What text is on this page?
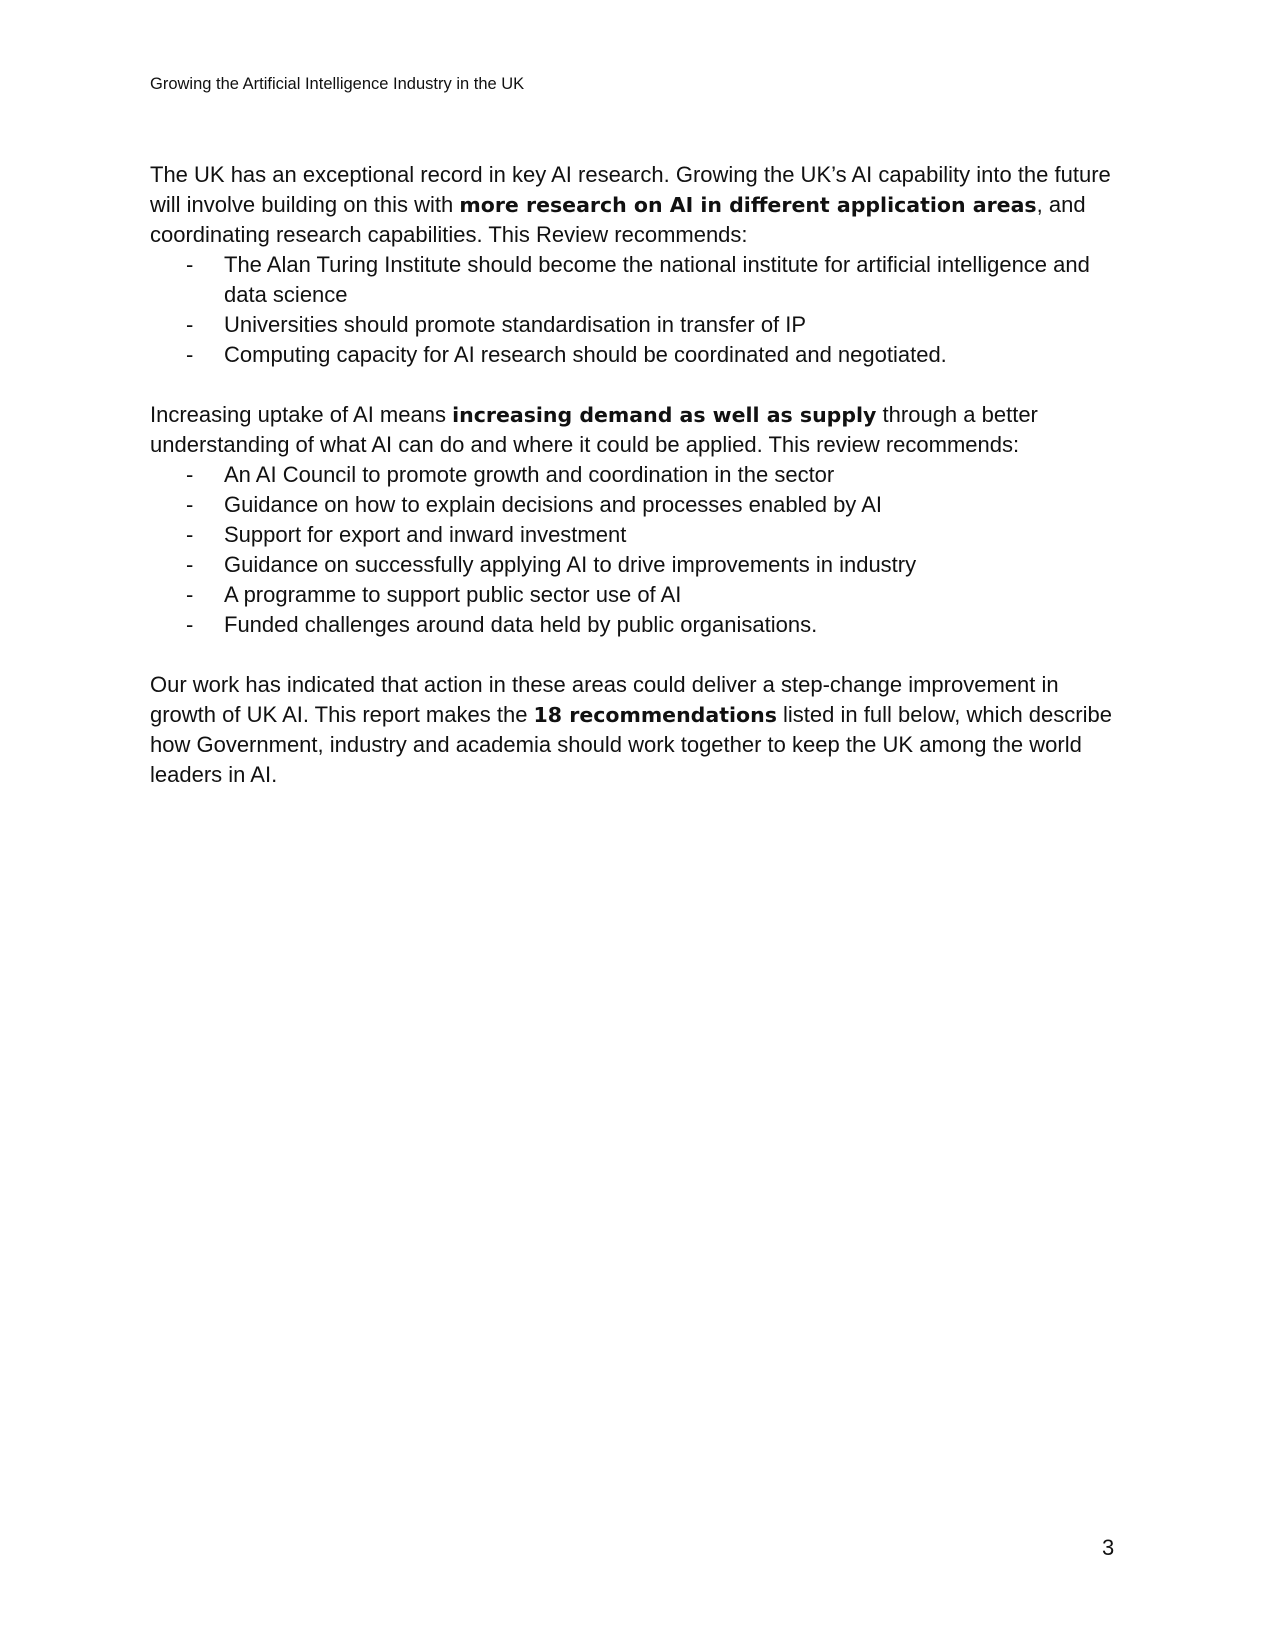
Growing the Artificial Intelligence Industry in the UK

The UK has an exceptional record in key AI research. Growing the UK’s AI capability into the future will involve building on this with more research on AI in different application areas, and coordinating research capabilities. This Review recommends:

- The Alan Turing Institute should become the national institute for artificial intelligence and data science
- Universities should promote standardisation in transfer of IP
- Computing capacity for AI research should be coordinated and negotiated.

Increasing uptake of AI means increasing demand as well as supply through a better understanding of what AI can do and where it could be applied. This review recommends:

- An AI Council to promote growth and coordination in the sector
- Guidance on how to explain decisions and processes enabled by AI
- Support for export and inward investment
- Guidance on successfully applying AI to drive improvements in industry
- A programme to support public sector use of AI
- Funded challenges around data held by public organisations.

Our work has indicated that action in these areas could deliver a step-change improvement in growth of UK AI. This report makes the 18 recommendations listed in full below, which describe how Government, industry and academia should work together to keep the UK among the world leaders in AI.

3
